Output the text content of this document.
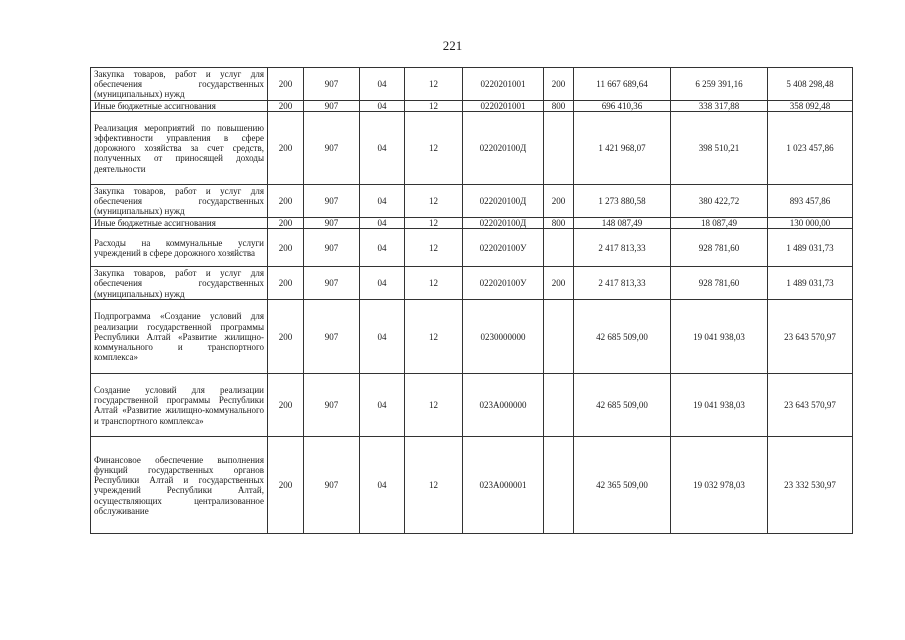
221
Закупка товаров, работ и услуг для обеспечения государственных (муниципальных) нужд	200	907	04	12	0220201001	200	11 667 689,64	6 259 391,16	5 408 298,48
Иные бюджетные ассигнования	200	907	04	12	0220201001	800	696 410,36	338 317,88	358 092,48
Реализация мероприятий по повышению эффективности управления в сфере дорожного хозяйства за счет средств, полученных от приносящей доходы деятельности	200	907	04	12	022020100Д		1 421 968,07	398 510,21	1 023 457,86
Закупка товаров, работ и услуг для обеспечения государственных (муниципальных) нужд	200	907	04	12	022020100Д	200	1 273 880,58	380 422,72	893 457,86
Иные бюджетные ассигнования	200	907	04	12	022020100Д	800	148 087,49	18 087,49	130 000,00
Расходы на коммунальные услуги учреждений в сфере дорожного хозяйства	200	907	04	12	022020100У		2 417 813,33	928 781,60	1 489 031,73
Закупка товаров, работ и услуг для обеспечения государственных (муниципальных) нужд	200	907	04	12	022020100У	200	2 417 813,33	928 781,60	1 489 031,73
Подпрограмма «Создание условий для реализации государственной программы Республики Алтай «Развитие жилищно-коммунального и транспортного комплекса»	200	907	04	12	0230000000		42 685 509,00	19 041 938,03	23 643 570,97
Создание условий для реализации государственной программы Республики Алтай «Развитие жилищно-коммунального и транспортного комплекса»	200	907	04	12	023A000000		42 685 509,00	19 041 938,03	23 643 570,97
Финансовое обеспечение выполнения функций государственных органов Республики Алтай и государственных учреждений Республики Алтай, осуществляющих централизованное обслуживание	200	907	04	12	023A000001		42 365 509,00	19 032 978,03	23 332 530,97
